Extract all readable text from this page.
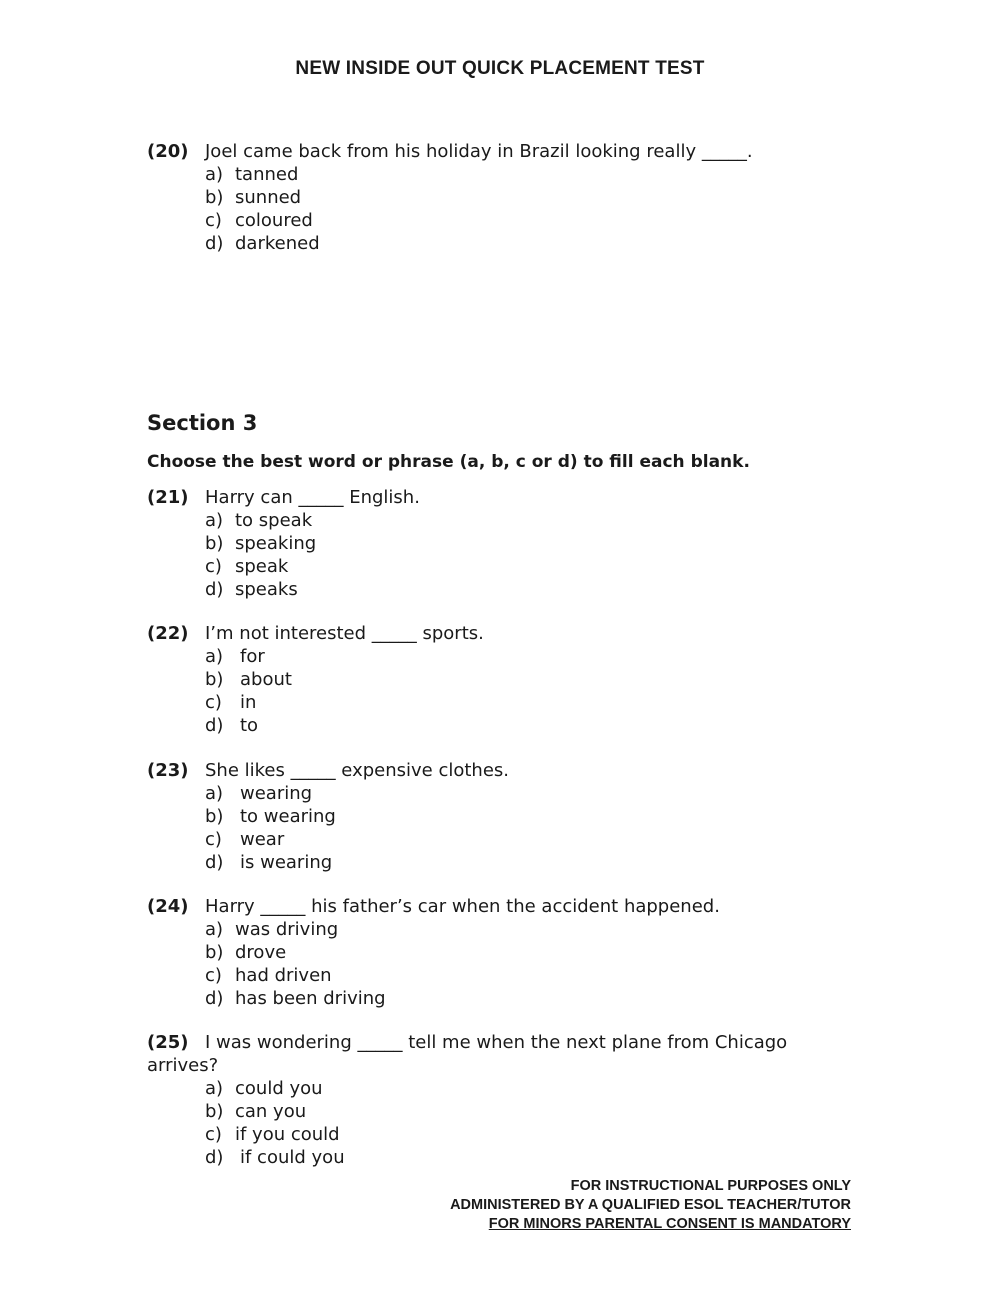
NEW INSIDE OUT QUICK PLACEMENT TEST
(20) Joel came back from his holiday in Brazil looking really _____.
a) tanned
b) sunned
c) coloured
d) darkened
Section 3
Choose the best word or phrase (a, b, c or d) to fill each blank.
(21) Harry can _____ English.
a) to speak
b) speaking
c) speak
d) speaks
(22) I’m not interested _____ sports.
a) for
b) about
c) in
d) to
(23) She likes _____ expensive clothes.
a) wearing
b) to wearing
c) wear
d) is wearing
(24) Harry _____ his father’s car when the accident happened.
a) was driving
b) drove
c) had driven
d) has been driving
(25) I was wondering _____ tell me when the next plane from Chicago
arrives?
a) could you
b) can you
c) if you could
d) if could you
FOR INSTRUCTIONAL PURPOSES ONLY
ADMINISTERED BY A QUALIFIED ESOL TEACHER/TUTOR
FOR MINORS PARENTAL CONSENT IS MANDATORY
